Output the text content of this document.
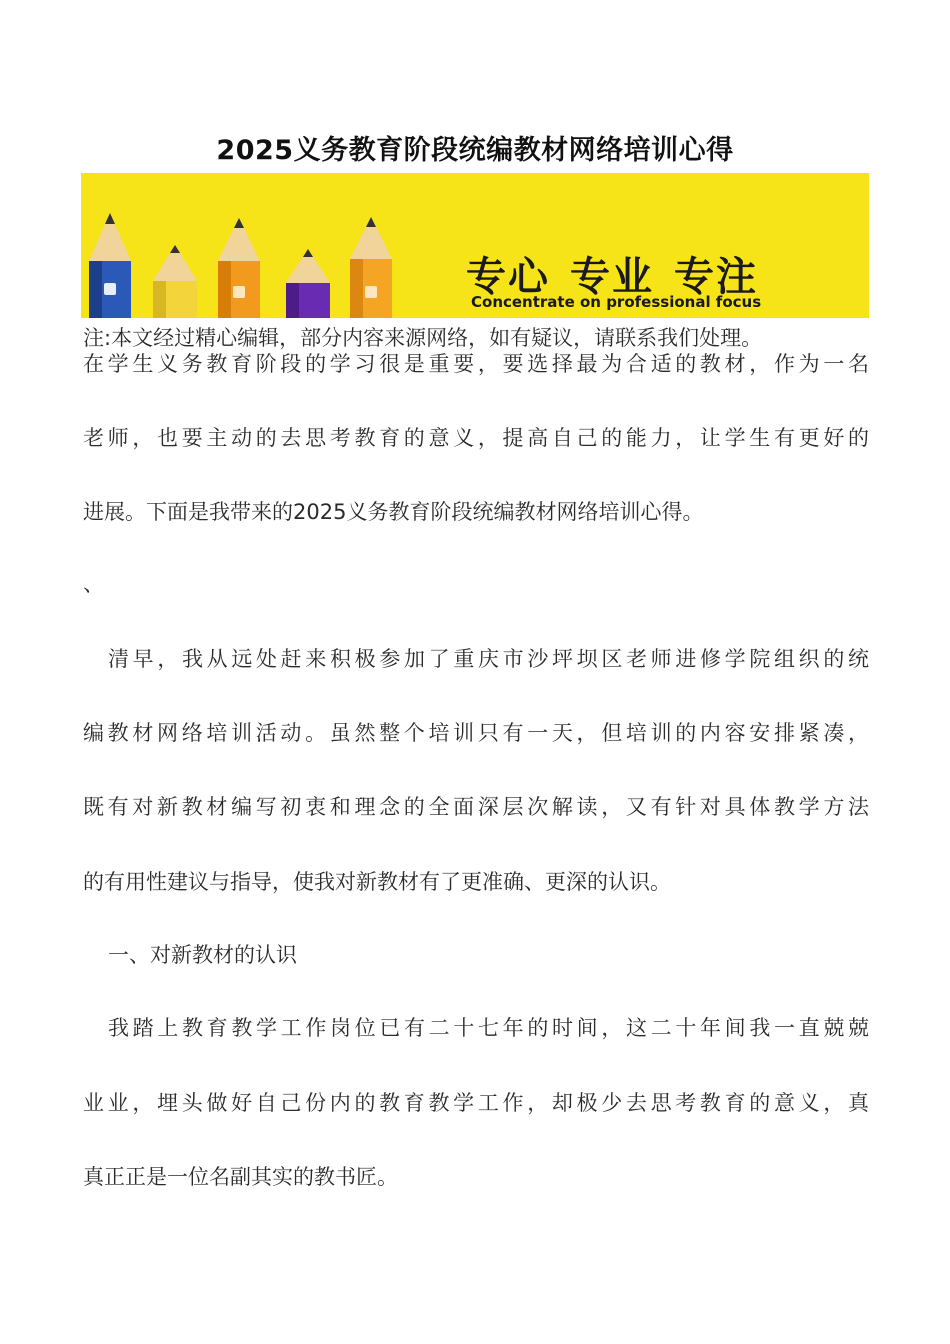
2025义务教育阶段统编教材网络培训心得
专心 专业 专注
Concentrate on professional focus
注:本文经过精心编辑，部分内容来源网络，如有疑议，请联系我们处理。
在学生义务教育阶段的学习很是重要，要选择最为合适的教材，作为一名
老师，也要主动的去思考教育的意义，提高自己的能力，让学生有更好的
进展。下面是我带来的2025义务教育阶段统编教材网络培训心得。
、
清早，我从远处赶来积极参加了重庆市沙坪坝区老师进修学院组织的统
编教材网络培训活动。虽然整个培训只有一天，但培训的内容安排紧凑，
既有对新教材编写初衷和理念的全面深层次解读，又有针对具体教学方法
的有用性建议与指导，使我对新教材有了更准确、更深的认识。
一、对新教材的认识
我踏上教育教学工作岗位已有二十七年的时间，这二十年间我一直兢兢
业业，埋头做好自己份内的教育教学工作，却极少去思考教育的意义，真
真正正是一位名副其实的教书匠。
